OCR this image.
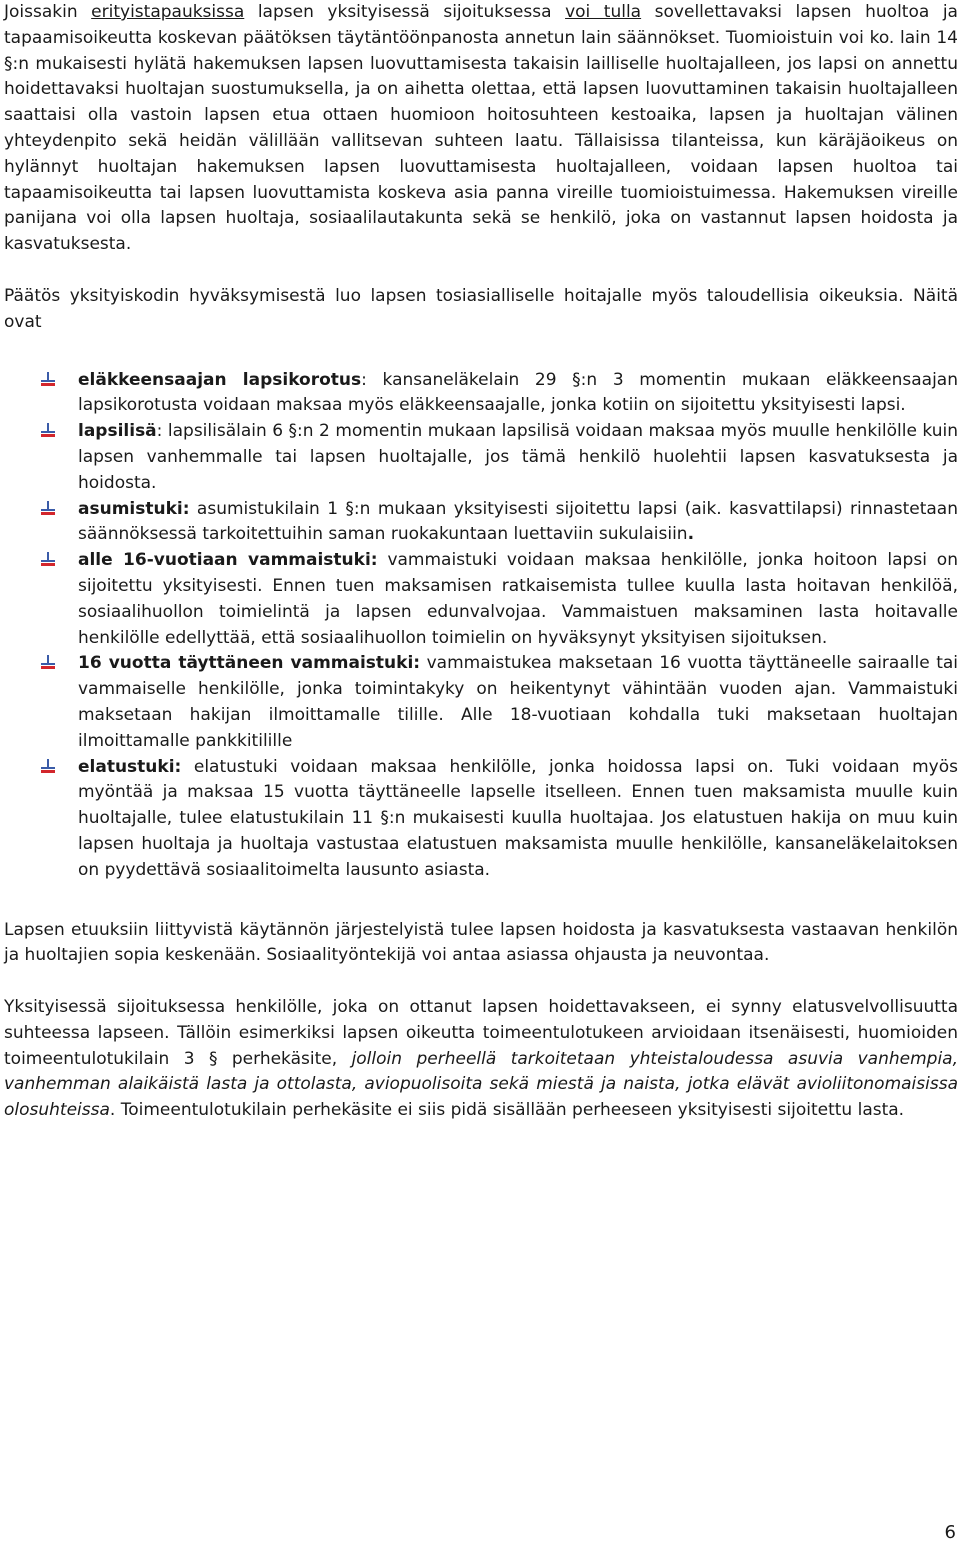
Joissakin erityistapauksissa lapsen yksityisessä sijoituksessa voi tulla sovellettavaksi lapsen huoltoa ja tapaamisoikeutta koskevan päätöksen täytäntöönpanosta annetun lain säännökset. Tuomioistuin voi ko. lain 14 §:n mukaisesti hylätä hakemuksen lapsen luovuttamisesta takaisin lailliselle huoltajalleen, jos lapsi on annettu hoidettavaksi huoltajan suostumuksella, ja on aihetta olettaa, että lapsen luovuttaminen takaisin huoltajalleen saattaisi olla vastoin lapsen etua ottaen huomioon hoitosuhteen kestoaika, lapsen ja huoltajan välinen yhteydenpito sekä heidän välillään vallitsevan suhteen laatu. Tällaisissa tilanteissa, kun käräjäoikeus on hylännyt huoltajan hakemuksen lapsen luovuttamisesta huoltajalleen, voidaan lapsen huoltoa tai tapaamisoikeutta tai lapsen luovuttamista koskeva asia panna vireille tuomioistuimessa. Hakemuksen vireille panijana voi olla lapsen huoltaja, sosiaalilautakunta sekä se henkilö, joka on vastannut lapsen hoidosta ja kasvatuksesta.

Päätös yksityiskodin hyväksymisestä luo lapsen tosiasialliselle hoitajalle myös taloudellisia oikeuksia. Näitä ovat

eläkkeensaajan lapsikorotus: kansaneläkelain 29 §:n 3 momentin mukaan eläkkeensaajan lapsikorotusta voidaan maksaa myös eläkkeensaajalle, jonka kotiin on sijoitettu yksityisesti lapsi.
lapsilisä: lapsilisälain 6 §:n 2 momentin mukaan lapsilisä voidaan maksaa myös muulle henkilölle kuin lapsen vanhemmalle tai lapsen huoltajalle, jos tämä henkilö huolehtii lapsen kasvatuksesta ja hoidosta.
asumistuki: asumistukilain 1 §:n mukaan yksityisesti sijoitettu lapsi (aik. kasvattilapsi) rinnastetaan säännöksessä tarkoitettuihin saman ruokakuntaan luettaviin sukulaisiin.
alle 16-vuotiaan vammaistuki: vammaistuki voidaan maksaa henkilölle, jonka hoitoon lapsi on sijoitettu yksityisesti. Ennen tuen maksamisen ratkaisemista tullee kuulla lasta hoitavan henkilöä, sosiaalihuollon toimielintä ja lapsen edunvalvojaa. Vammaistuen maksaminen lasta hoitavalle henkilölle edellyttää, että sosiaalihuollon toimielin on hyväksynyt yksityisen sijoituksen.
16 vuotta täyttäneen vammaistuki: vammaistukea maksetaan 16 vuotta täyttäneelle sairaalle tai vammaiselle henkilölle, jonka toimintakyky on heikentynyt vähintään vuoden ajan. Vammaistuki maksetaan hakijan ilmoittamalle tilille. Alle 18-vuotiaan kohdalla tuki maksetaan huoltajan ilmoittamalle pankkitilille
elatustuki: elatustuki voidaan maksaa henkilölle, jonka hoidossa lapsi on. Tuki voidaan myös myöntää ja maksaa 15 vuotta täyttäneelle lapselle itselleen. Ennen tuen maksamista muulle kuin huoltajalle, tulee elatustukilain 11 §:n mukaisesti kuulla huoltajaa. Jos elatustuen hakija on muu kuin lapsen huoltaja ja huoltaja vastustaa elatustuen maksamista muulle henkilölle, kansaneläkelaitoksen on pyydettävä sosiaalitoimelta lausunto asiasta.

Lapsen etuuksiin liittyvistä käytännön järjestelyistä tulee lapsen hoidosta ja kasvatuksesta vastaavan henkilön ja huoltajien sopia keskenään. Sosiaalityöntekijä voi antaa asiassa ohjausta ja neuvontaa.

Yksityisessä sijoituksessa henkilölle, joka on ottanut lapsen hoidettavakseen, ei synny elatusvelvollisuutta suhteessa lapseen. Tällöin esimerkiksi lapsen oikeutta toimeentulotukeen arvioidaan itsenäisesti, huomioiden toimeentulotukilain 3 § perhekäsite, jolloin perheellä tarkoitetaan yhteistaloudessa asuvia vanhempia, vanhemman alaikäistä lasta ja ottolasta, aviopuolisoita sekä miestä ja naista, jotka elävät avioliitonomaisissa olosuhteissa. Toimeentulotukilain perhekäsite ei siis pidä sisällään perheeseen yksityisesti sijoitettu lasta.

6
